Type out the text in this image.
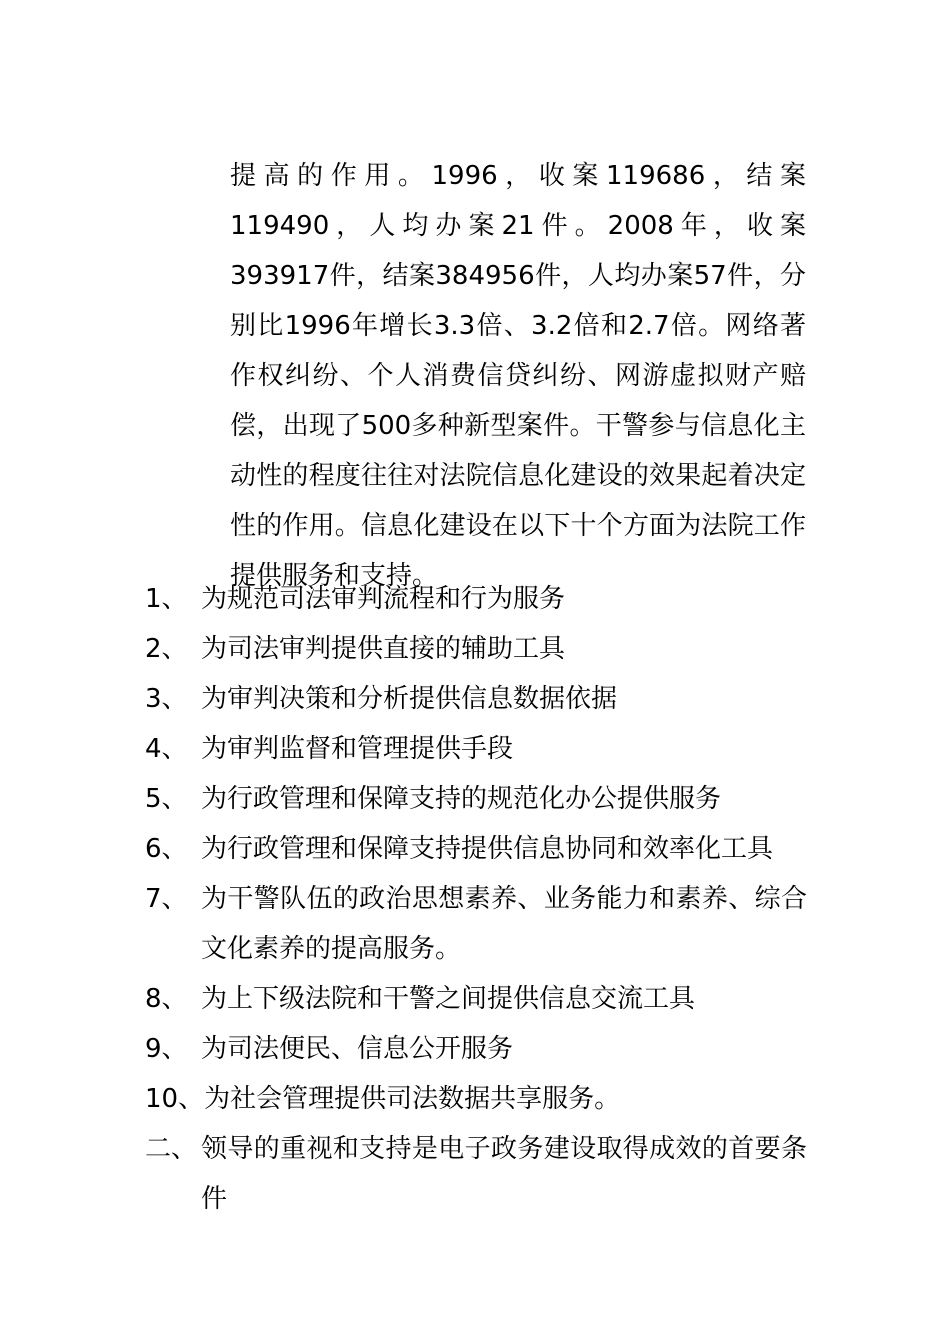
提高的作用。1996，收案119686，结案119490，人均办案21件。2008年，收案393917件，结案384956件，人均办案57件，分别比1996年增长3.3倍、3.2倍和2.7倍。网络著作权纠纷、个人消费信贷纠纷、网游虚拟财产赔偿，出现了500多种新型案件。干警参与信息化主动性的程度往往对法院信息化建设的效果起着决定性的作用。信息化建设在以下十个方面为法院工作提供服务和支持。

1、 为规范司法审判流程和行为服务
2、 为司法审判提供直接的辅助工具
3、 为审判决策和分析提供信息数据依据
4、 为审判监督和管理提供手段
5、 为行政管理和保障支持的规范化办公提供服务
6、 为行政管理和保障支持提供信息协同和效率化工具
7、 为干警队伍的政治思想素养、业务能力和素养、综合文化素养的提高服务。
8、 为上下级法院和干警之间提供信息交流工具
9、 为司法便民、信息公开服务
10、 为社会管理提供司法数据共享服务。
二、 领导的重视和支持是电子政务建设取得成效的首要条件
